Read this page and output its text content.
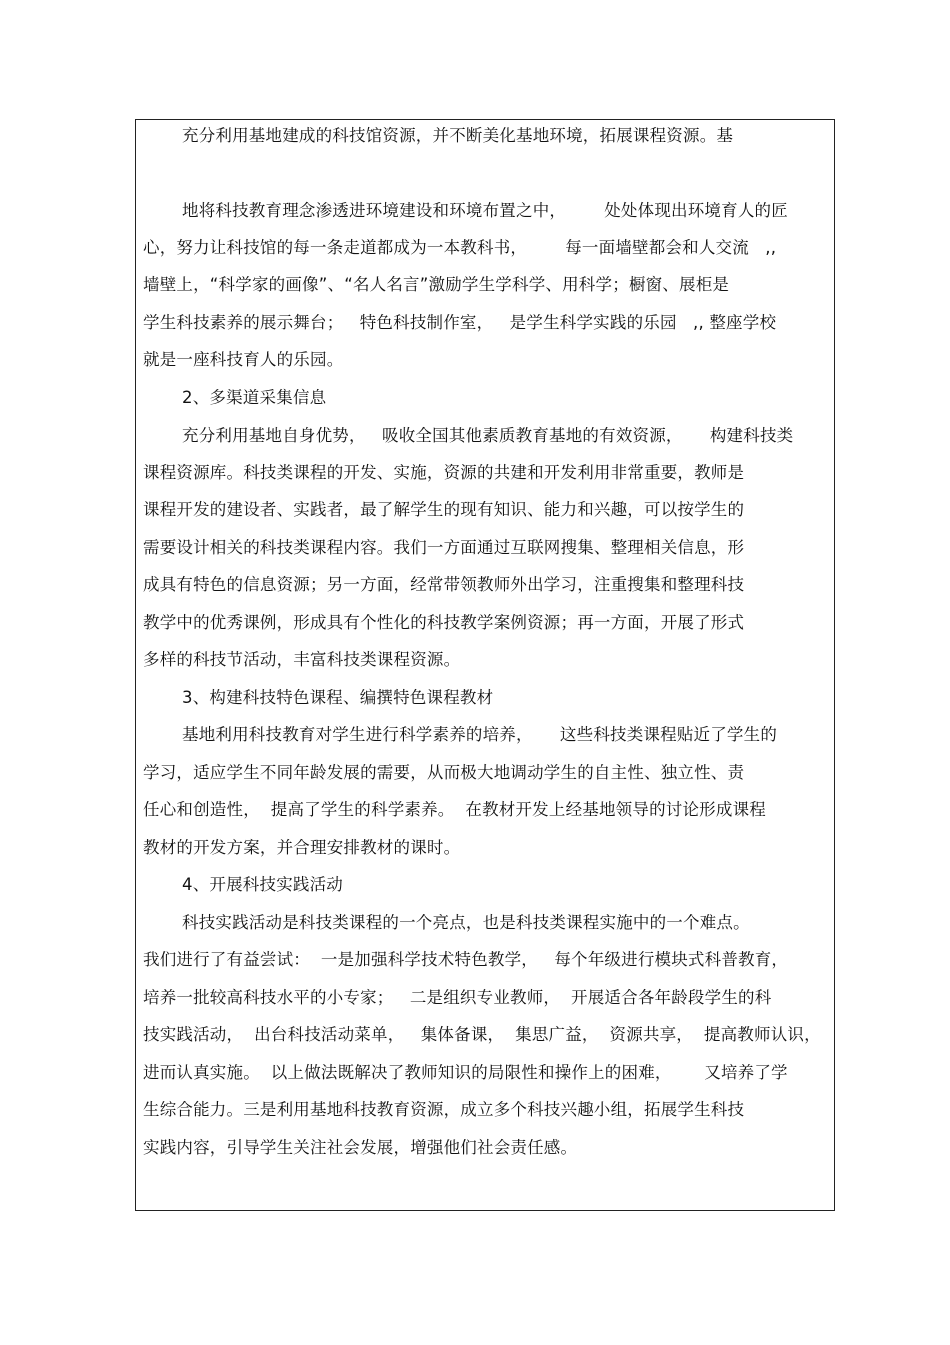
充分利用基地建成的科技馆资源，并不断美化基地环境，拓展课程资源。基
地将科技教育理念渗透进环境建设和环境布置之中，       处处体现出环境育人的匠
心，努力让科技馆的每一条走道都成为一本教科书，       每一面墙壁都会和人交流   ,,
墙壁上，“科学家的画像”、“名人名言”激励学生学科学、用科学；橱窗、展柜是
学生科技素养的展示舞台；   特色科技制作室，   是学生科学实践的乐园   ,, 整座学校
就是一座科技育人的乐园。
2、多渠道采集信息
充分利用基地自身优势，   吸收全国其他素质教育基地的有效资源，     构建科技类
课程资源库。科技类课程的开发、实施，资源的共建和开发利用非常重要，教师是
课程开发的建设者、实践者，最了解学生的现有知识、能力和兴趣，可以按学生的
需要设计相关的科技类课程内容。我们一方面通过互联网搜集、整理相关信息，形
成具有特色的信息资源；另一方面，经常带领教师外出学习，注重搜集和整理科技
教学中的优秀课例，形成具有个性化的科技教学案例资源；再一方面，开展了形式
多样的科技节活动，丰富科技类课程资源。
3、构建科技特色课程、编撰特色课程教材
基地利用科技教育对学生进行科学素养的培养，     这些科技类课程贴近了学生的
学习，适应学生不同年龄发展的需要，从而极大地调动学生的自主性、独立性、责
任心和创造性，  提高了学生的科学素养。  在教材开发上经基地领导的讨论形成课程
教材的开发方案，并合理安排教材的课时。
4、开展科技实践活动
科技实践活动是科技类课程的一个亮点，也是科技类课程实施中的一个难点。
我们进行了有益尝试：  一是加强科学技术特色教学，   每个年级进行模块式科普教育，
培养一批较高科技水平的小专家；   二是组织专业教师，  开展适合各年龄段学生的科
技实践活动，  出台科技活动菜单，   集体备课，  集思广益，  资源共享，  提高教师认识，
进而认真实施。  以上做法既解决了教师知识的局限性和操作上的困难，      又培养了学
生综合能力。三是利用基地科技教育资源，成立多个科技兴趣小组，拓展学生科技
实践内容，引导学生关注社会发展，增强他们社会责任感。
